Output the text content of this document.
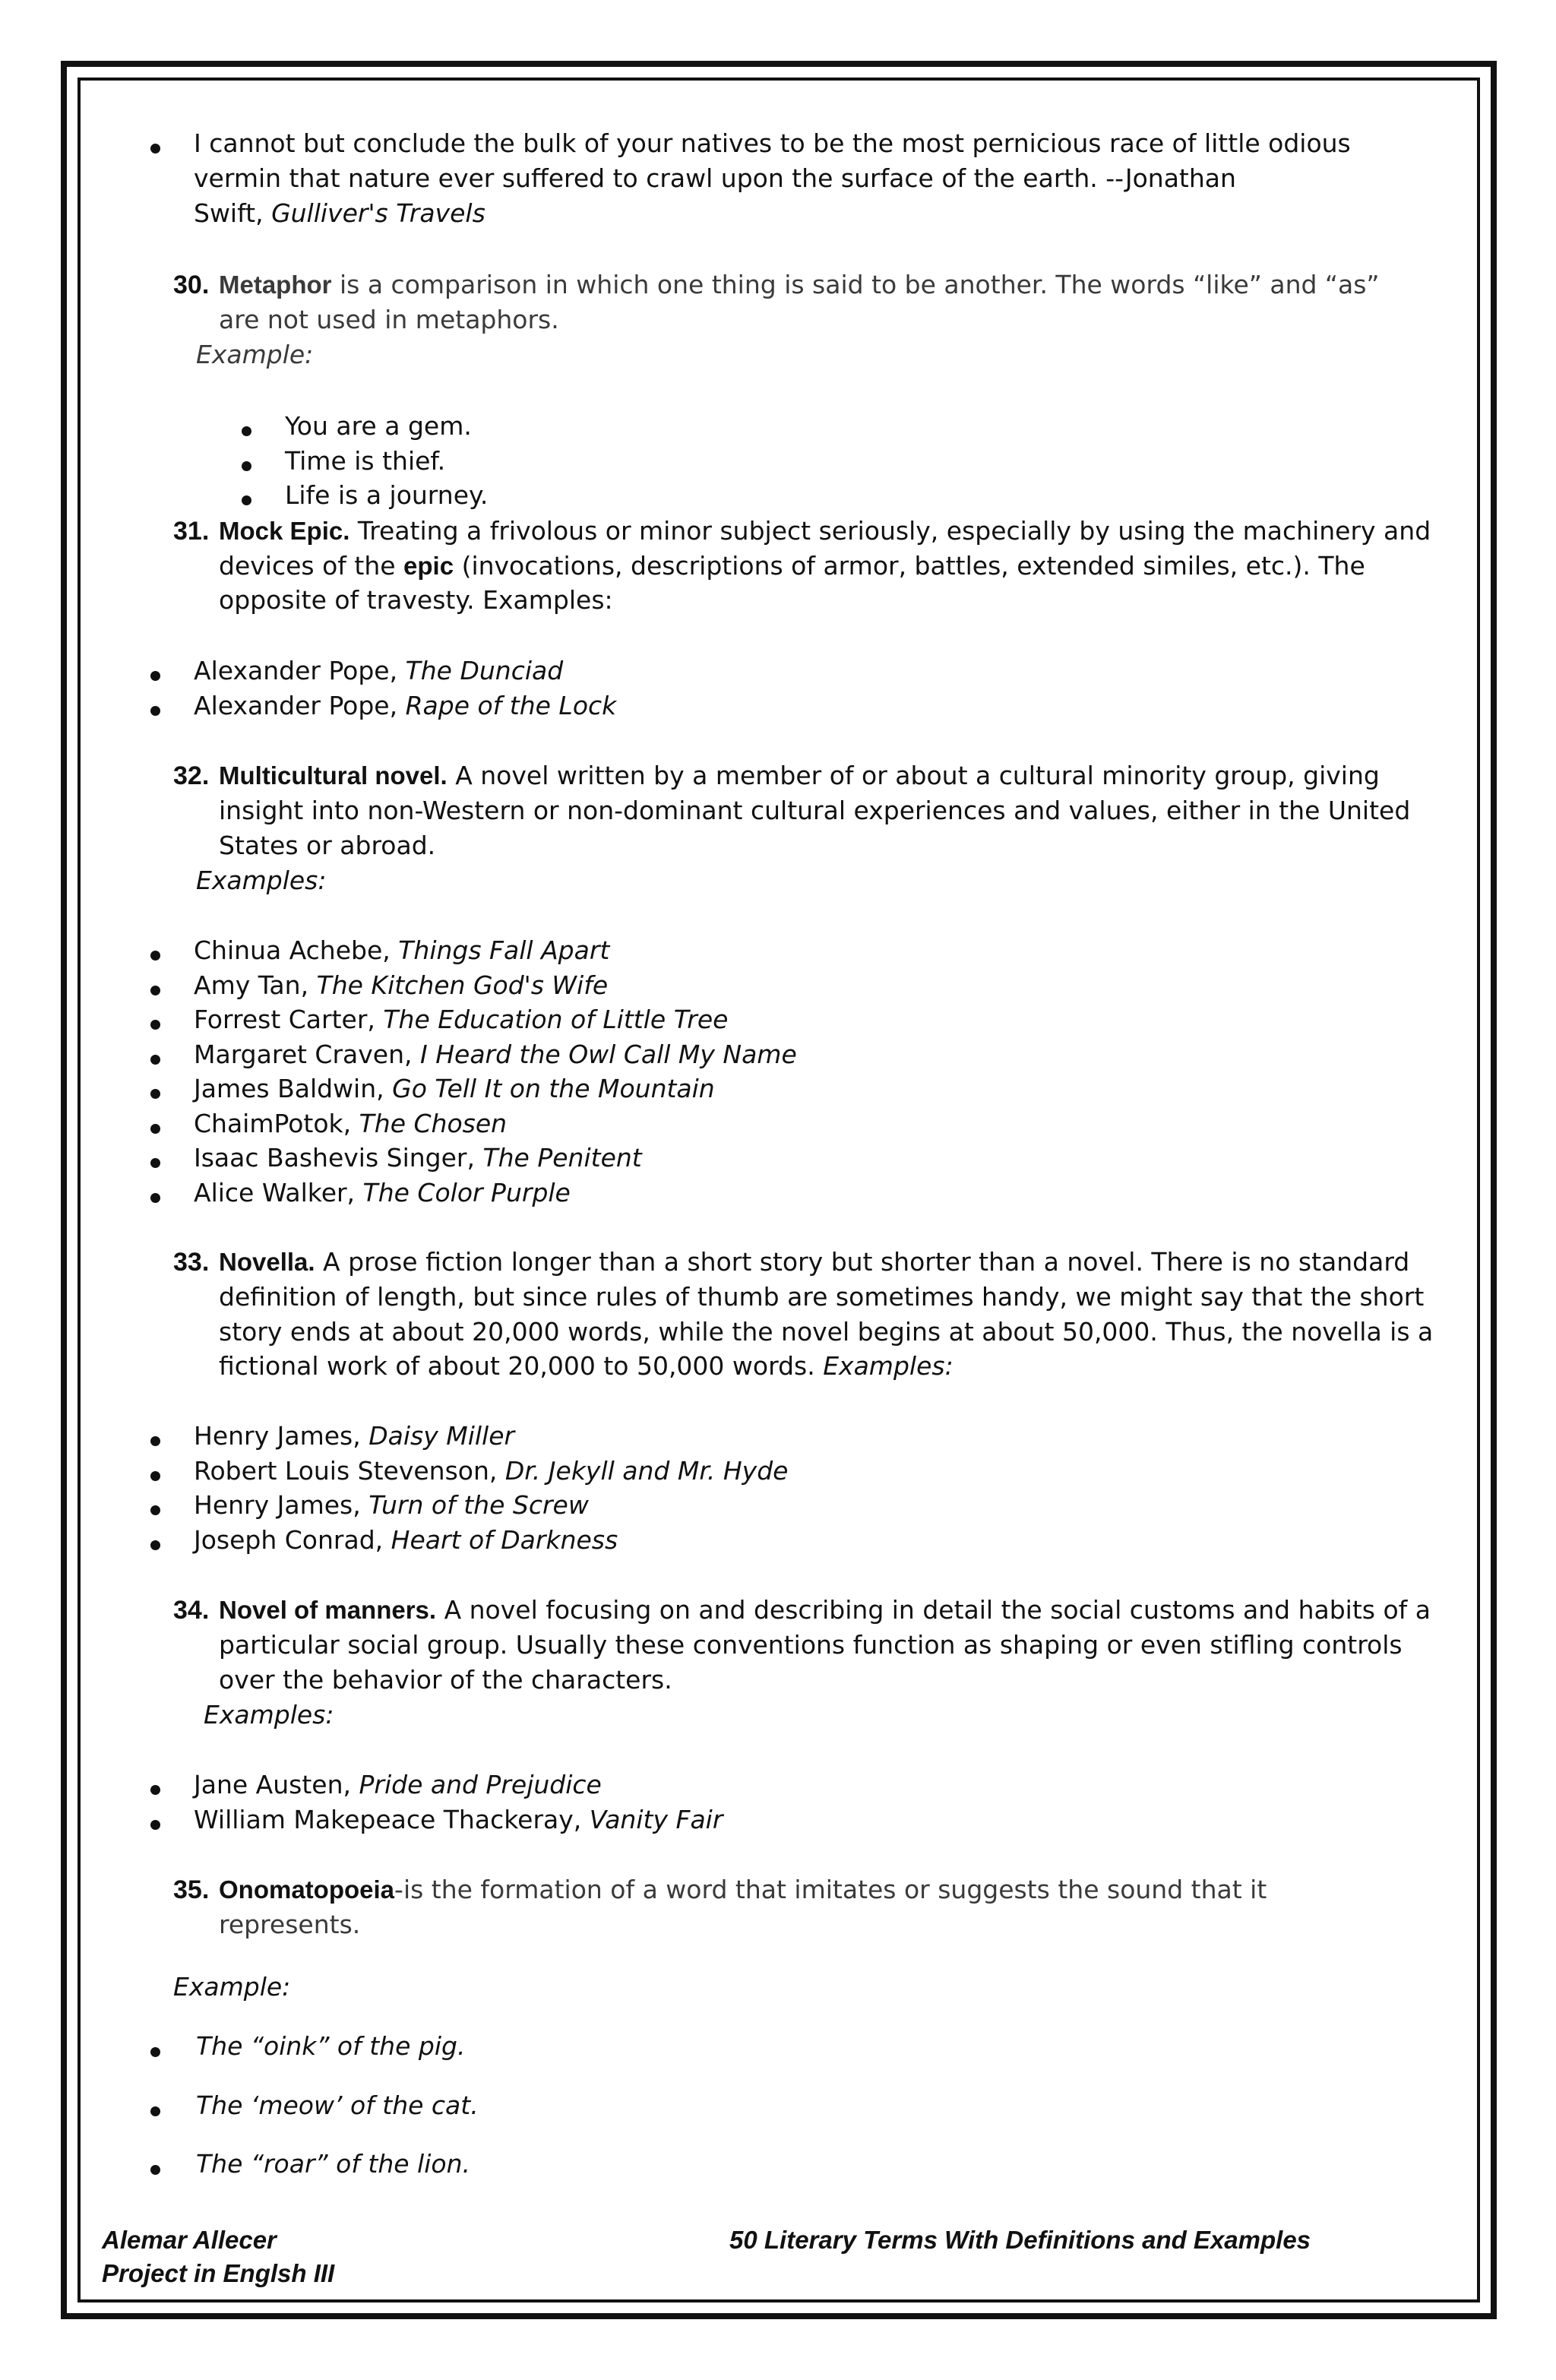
I cannot but conclude the bulk of your natives to be the most pernicious race of little odious
vermin that nature ever suffered to crawl upon the surface of the earth. --Jonathan
Swift, Gulliver's Travels
30. Metaphor is a comparison in which one thing is said to be another. The words “like” and “as”
are not used in metaphors.
Example:
You are a gem.
Time is thief.
Life is a journey.
31. Mock Epic. Treating a frivolous or minor subject seriously, especially by using the machinery and
devices of the epic (invocations, descriptions of armor, battles, extended similes, etc.). The
opposite of travesty. Examples:
Alexander Pope, The Dunciad
Alexander Pope, Rape of the Lock
32. Multicultural novel. A novel written by a member of or about a cultural minority group, giving
insight into non-Western or non-dominant cultural experiences and values, either in the United
States or abroad.
Examples:
Chinua Achebe, Things Fall Apart
Amy Tan, The Kitchen God's Wife
Forrest Carter, The Education of Little Tree
Margaret Craven, I Heard the Owl Call My Name
James Baldwin, Go Tell It on the Mountain
ChaimPotok, The Chosen
Isaac Bashevis Singer, The Penitent
Alice Walker, The Color Purple
33. Novella. A prose fiction longer than a short story but shorter than a novel. There is no standard
definition of length, but since rules of thumb are sometimes handy, we might say that the short
story ends at about 20,000 words, while the novel begins at about 50,000. Thus, the novella is a
fictional work of about 20,000 to 50,000 words. Examples:
Henry James, Daisy Miller
Robert Louis Stevenson, Dr. Jekyll and Mr. Hyde
Henry James, Turn of the Screw
Joseph Conrad, Heart of Darkness
34. Novel of manners. A novel focusing on and describing in detail the social customs and habits of a
particular social group. Usually these conventions function as shaping or even stifling controls
over the behavior of the characters.
Examples:
Jane Austen, Pride and Prejudice
William Makepeace Thackeray, Vanity Fair
35. Onomatopoeia-is the formation of a word that imitates or suggests the sound that it
represents.
Example:
The “oink” of the pig.
The ‘meow’ of the cat.
The “roar” of the lion.
Alemar Allecer
Project in Englsh III
50 Literary Terms With Definitions and Examples
